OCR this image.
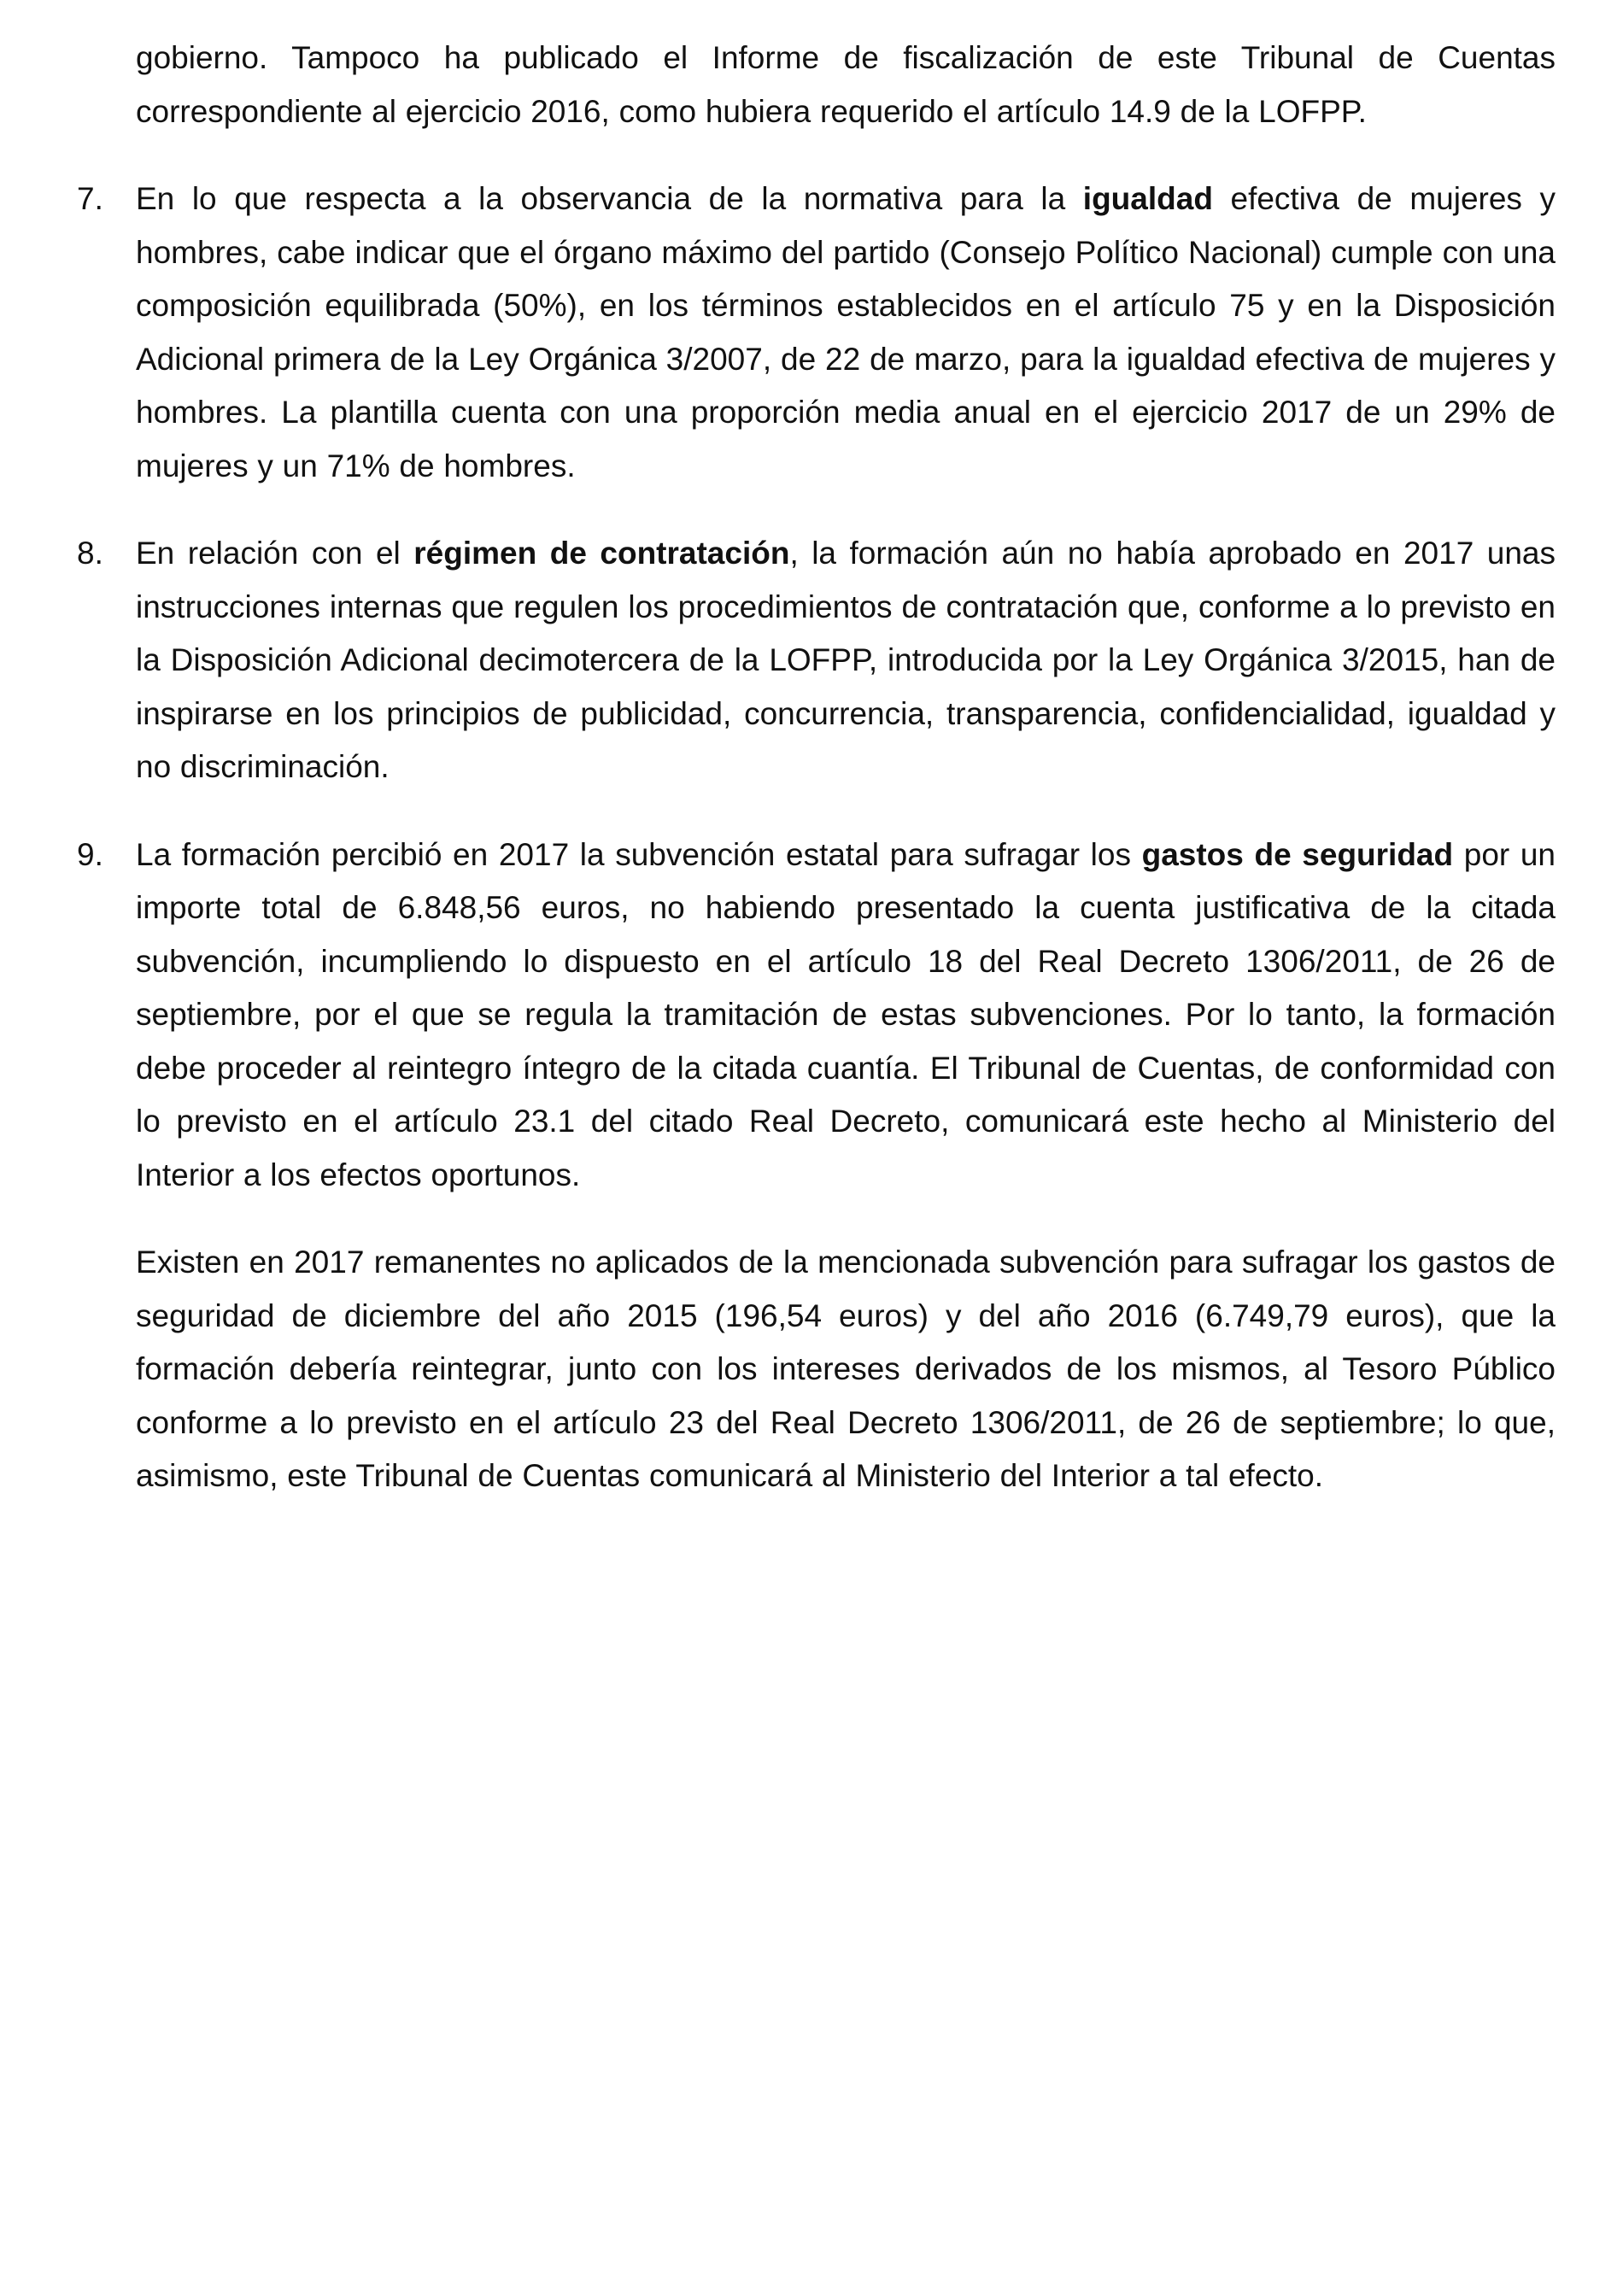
gobierno. Tampoco ha publicado el Informe de fiscalización de este Tribunal de Cuentas correspondiente al ejercicio 2016, como hubiera requerido el artículo 14.9 de la LOFPP.

7.	En lo que respecta a la observancia de la normativa para la igualdad efectiva de mujeres y hombres, cabe indicar que el órgano máximo del partido (Consejo Político Nacional) cumple con una composición equilibrada (50%), en los términos establecidos en el artículo 75 y en la Disposición Adicional primera de la Ley Orgánica 3/2007, de 22 de marzo, para la igualdad efectiva de mujeres y hombres. La plantilla cuenta con una proporción media anual en el ejercicio 2017 de un 29% de mujeres y un 71% de hombres.

8.	En relación con el régimen de contratación, la formación aún no había aprobado en 2017 unas instrucciones internas que regulen los procedimientos de contratación que, conforme a lo previsto en la Disposición Adicional decimotercera de la LOFPP, introducida por la Ley Orgánica 3/2015, han de inspirarse en los principios de publicidad, concurrencia, transparencia, confidencialidad, igualdad y no discriminación.

9.	La formación percibió en 2017 la subvención estatal para sufragar los gastos de seguridad por un importe total de 6.848,56 euros, no habiendo presentado la cuenta justificativa de la citada subvención, incumpliendo lo dispuesto en el artículo 18 del Real Decreto 1306/2011, de 26 de septiembre, por el que se regula la tramitación de estas subvenciones. Por lo tanto, la formación debe proceder al reintegro íntegro de la citada cuantía. El Tribunal de Cuentas, de conformidad con lo previsto en el artículo 23.1 del citado Real Decreto, comunicará este hecho al Ministerio del Interior a los efectos oportunos.

Existen en 2017 remanentes no aplicados de la mencionada subvención para sufragar los gastos de seguridad de diciembre del año 2015 (196,54 euros) y del año 2016 (6.749,79 euros), que la formación debería reintegrar, junto con los intereses derivados de los mismos, al Tesoro Público conforme a lo previsto en el artículo 23 del Real Decreto 1306/2011, de 26 de septiembre; lo que, asimismo, este Tribunal de Cuentas comunicará al Ministerio del Interior a tal efecto.
